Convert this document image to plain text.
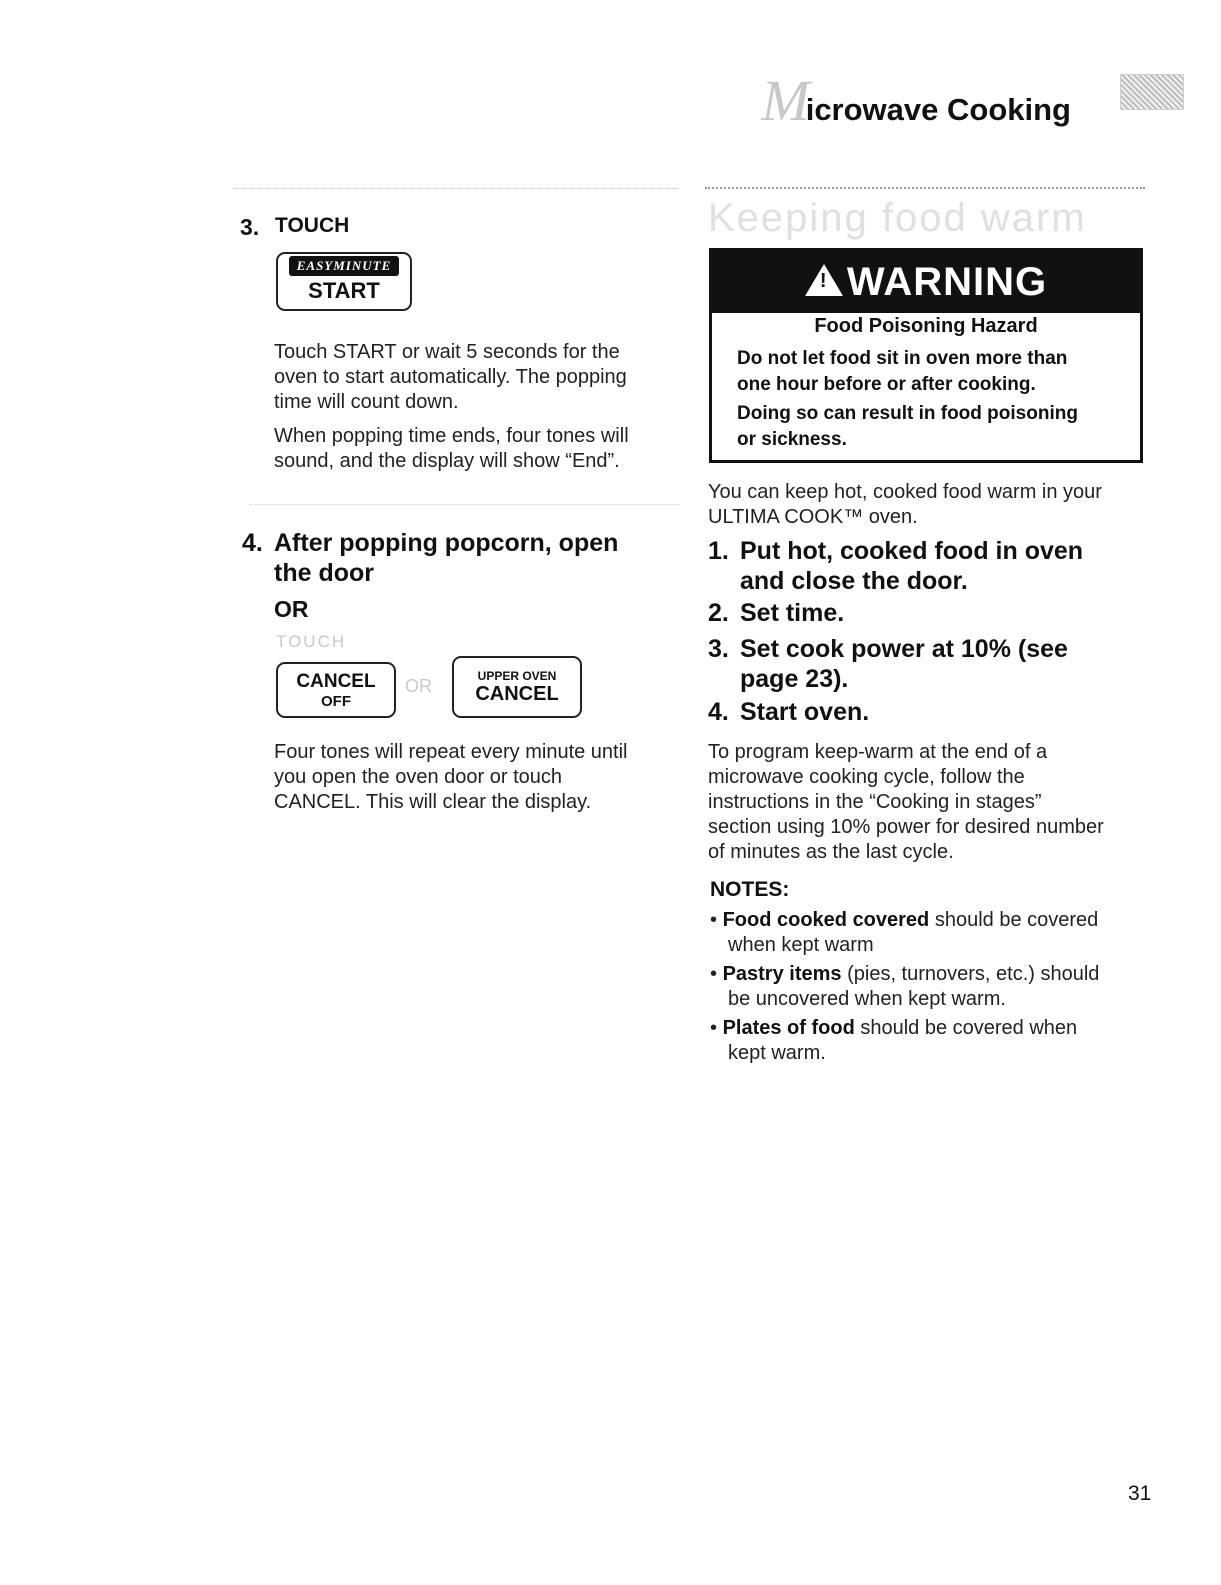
M
icrowave Cooking
3. TOUCH
EASYMINUTE
START
Touch START or wait 5 seconds for the
oven to start automatically. The popping
time will count down.
When popping time ends, four tones will
sound, and the display will show “End”.
4. After popping popcorn, open
the door
OR
TOUCH
CANCEL
OFF
OR
UPPER OVEN
CANCEL
Four tones will repeat every minute until
you open the oven door or touch
CANCEL. This will clear the display.
Keeping food warm
!
WARNING
Food Poisoning Hazard
Do not let food sit in oven more than
one hour before or after cooking.
Doing so can result in food poisoning
or sickness.
You can keep hot, cooked food warm in your
ULTIMA COOK™ oven.
1. Put hot, cooked food in oven
and close the door.
2. Set time.
3. Set cook power at 10% (see
page 23).
4. Start oven.
To program keep-warm at the end of a
microwave cooking cycle, follow the
instructions in the “Cooking in stages”
section using 10% power for desired number
of minutes as the last cycle.
NOTES:
• Food cooked covered should be covered
when kept warm
• Pastry items (pies, turnovers, etc.) should
be uncovered when kept warm.
• Plates of food should be covered when
kept warm.
31
